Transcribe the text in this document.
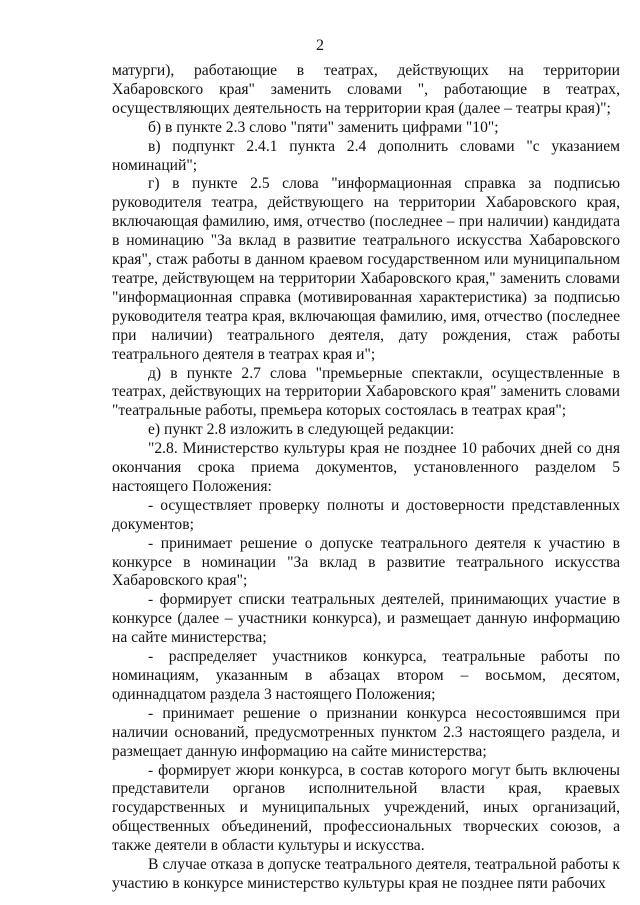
2

матурги), работающие в театрах, действующих на территории Хабаровского края" заменить словами ", работающие в театрах, осуществляющих деятельность на территории края (далее – театры края)";

б) в пункте 2.3 слово "пяти" заменить цифрами "10";

в) подпункт 2.4.1 пункта 2.4 дополнить словами "с указанием номинаций";

г) в пункте 2.5 слова "информационная справка за подписью руководителя театра, действующего на территории Хабаровского края, включающая фамилию, имя, отчество (последнее – при наличии) кандидата в номинацию "За вклад в развитие театрального искусства Хабаровского края", стаж работы в данном краевом государственном или муниципальном театре, действующем на территории Хабаровского края," заменить словами "информационная справка (мотивированная характеристика) за подписью руководителя театра края, включающая фамилию, имя, отчество (последнее при наличии) театрального деятеля, дату рождения, стаж работы театрального деятеля в театрах края и";

д) в пункте 2.7 слова "премьерные спектакли, осуществленные в театрах, действующих на территории Хабаровского края" заменить словами "театральные работы, премьера которых состоялась в театрах края";

е) пункт 2.8 изложить в следующей редакции:

"2.8. Министерство культуры края не позднее 10 рабочих дней со дня окончания срока приема документов, установленного разделом 5 настоящего Положения:

- осуществляет проверку полноты и достоверности представленных документов;

- принимает решение о допуске театрального деятеля к участию в конкурсе в номинации "За вклад в развитие театрального искусства Хабаровского края";

- формирует списки театральных деятелей, принимающих участие в конкурсе (далее – участники конкурса), и размещает данную информацию на сайте министерства;

- распределяет участников конкурса, театральные работы по номинациям, указанным в абзацах втором – восьмом, десятом, одиннадцатом раздела 3 настоящего Положения;

- принимает решение о признании конкурса несостоявшимся при наличии оснований, предусмотренных пунктом 2.3 настоящего раздела, и размещает данную информацию на сайте министерства;

- формирует жюри конкурса, в состав которого могут быть включены представители органов исполнительной власти края, краевых государственных и муниципальных учреждений, иных организаций, общественных объединений, профессиональных творческих союзов, а также деятели в области культуры и искусства.

В случае отказа в допуске театрального деятеля, театральной работы к участию в конкурсе министерство культуры края не позднее пяти рабочих
